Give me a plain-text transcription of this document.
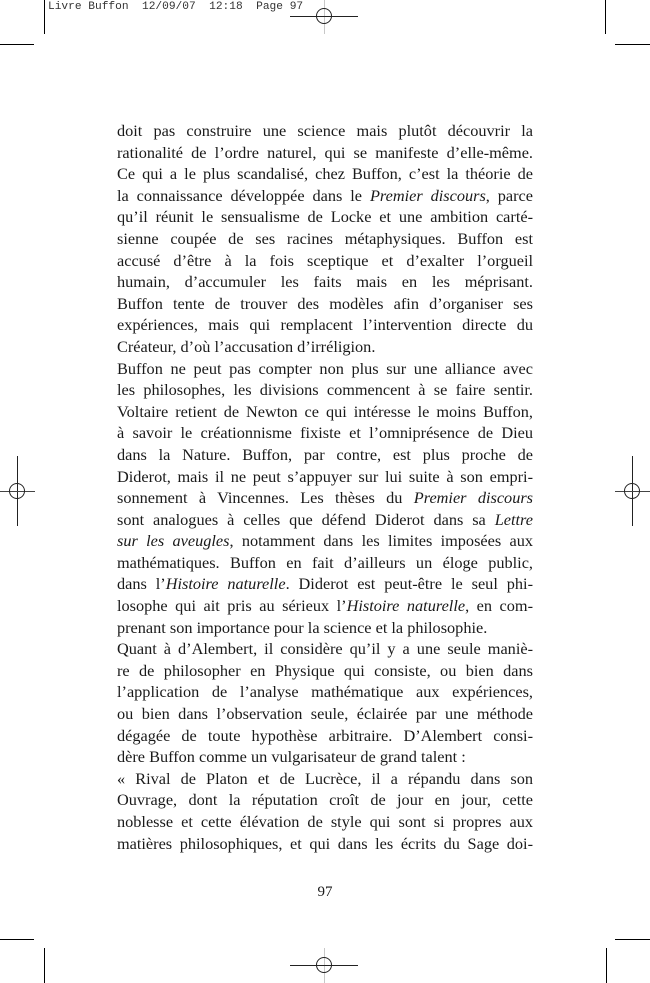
Livre Buffon  12/09/07  12:18  Page 97

doit pas construire une science mais plutôt découvrir la
rationalité de l’ordre naturel, qui se manifeste d’elle-même.
Ce qui a le plus scandalisé, chez Buffon, c’est la théorie de
la connaissance développée dans le Premier discours, parce
qu’il réunit le sensualisme de Locke et une ambition carté-
sienne coupée de ses racines métaphysiques. Buffon est
accusé d’être à la fois sceptique et d’exalter l’orgueil
humain, d’accumuler les faits mais en les méprisant.
Buffon tente de trouver des modèles afin d’organiser ses
expériences, mais qui remplacent l’intervention directe du
Créateur, d’où l’accusation d’irréligion.

Buffon ne peut pas compter non plus sur une alliance avec
les philosophes, les divisions commencent à se faire sentir.
Voltaire retient de Newton ce qui intéresse le moins Buffon,
à savoir le créationnisme fixiste et l’omniprésence de Dieu
dans la Nature. Buffon, par contre, est plus proche de
Diderot, mais il ne peut s’appuyer sur lui suite à son empri-
sonnement à Vincennes. Les thèses du Premier discours
sont analogues à celles que défend Diderot dans sa Lettre
sur les aveugles, notamment dans les limites imposées aux
mathématiques. Buffon en fait d’ailleurs un éloge public,
dans l’Histoire naturelle. Diderot est peut-être le seul phi-
losophe qui ait pris au sérieux l’Histoire naturelle, en com-
prenant son importance pour la science et la philosophie.

Quant à d’Alembert, il considère qu’il y a une seule maniè-
re de philosopher en Physique qui consiste, ou bien dans
l’application de l’analyse mathématique aux expériences,
ou bien dans l’observation seule, éclairée par une méthode
dégagée de toute hypothèse arbitraire. D’Alembert consi-
dère Buffon comme un vulgarisateur de grand talent :

« Rival de Platon et de Lucrèce, il a répandu dans son
Ouvrage, dont la réputation croît de jour en jour, cette
noblesse et cette élévation de style qui sont si propres aux
matières philosophiques, et qui dans les écrits du Sage doi-

97
